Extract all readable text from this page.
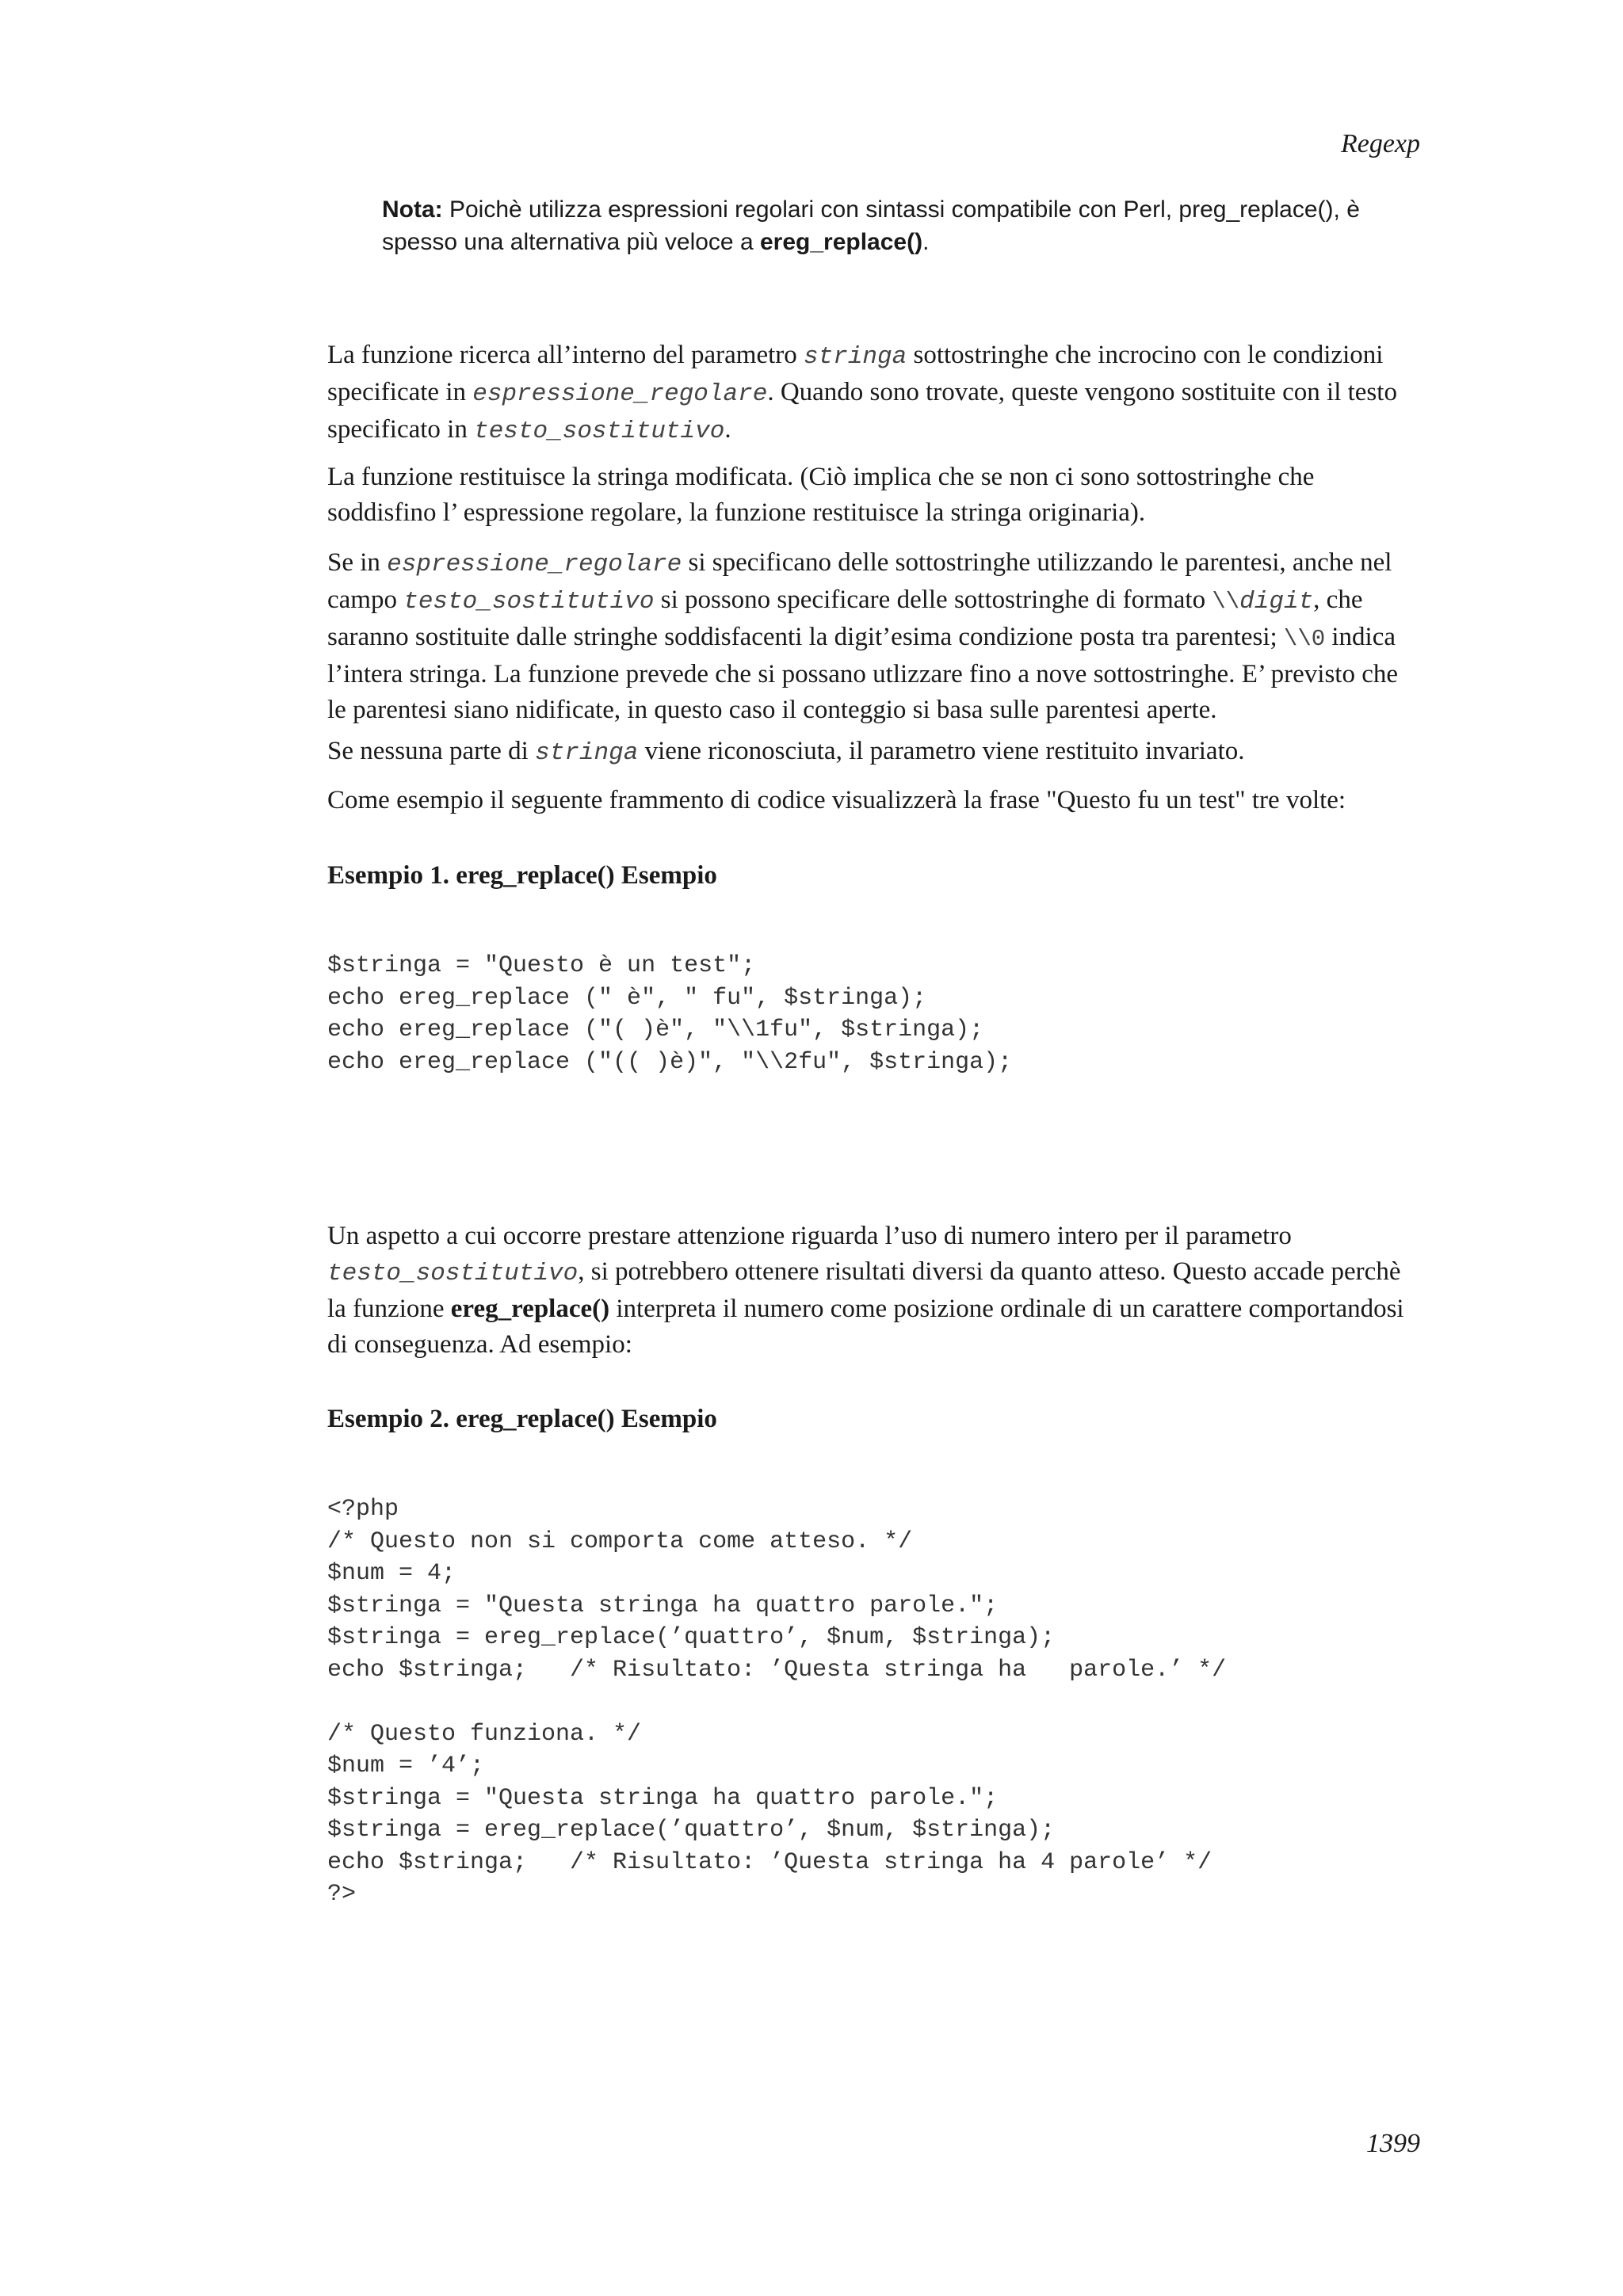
Regexp
Nota: Poichè utilizza espressioni regolari con sintassi compatibile con Perl, preg_replace(), è spesso una alternativa più veloce a ereg_replace().

La funzione ricerca all’interno del parametro stringa sottostringhe che incrocino con le condizioni specificate in espressione_regolare. Quando sono trovate, queste vengono sostituite con il testo specificato in testo_sostitutivo.

La funzione restituisce la stringa modificata. (Ciò implica che se non ci sono sottostringhe che soddisfino l’ espressione regolare, la funzione restituisce la stringa originaria).

Se in espressione_regolare si specificano delle sottostringhe utilizzando le parentesi, anche nel campo testo_sostitutivo si possono specificare delle sottostringhe di formato \\digit, che saranno sostituite dalle stringhe soddisfacenti la digit’esima condizione posta tra parentesi; \\0 indica l’intera stringa. La funzione prevede che si possano utlizzare fino a nove sottostringhe. E’ previsto che le parentesi siano nidificate, in questo caso il conteggio si basa sulle parentesi aperte.

Se nessuna parte di stringa viene riconosciuta, il parametro viene restituito invariato.

Come esempio il seguente frammento di codice visualizzerà la frase "Questo fu un test" tre volte:

Esempio 1. ereg_replace() Esempio
$stringa = "Questo è un test";
echo ereg_replace (" è", " fu", $stringa);
echo ereg_replace ("( )è", "\\1fu", $stringa);
echo ereg_replace ("(( )è)", "\\2fu", $stringa);

Un aspetto a cui occorre prestare attenzione riguarda l’uso di numero intero per il parametro testo_sostitutivo, si potrebbero ottenere risultati diversi da quanto atteso. Questo accade perchè la funzione ereg_replace() interpreta il numero come posizione ordinale di un carattere comportandosi di conseguenza. Ad esempio:

Esempio 2. ereg_replace() Esempio
<?php
/* Questo non si comporta come atteso. */
$num = 4;
$stringa = "Questa stringa ha quattro parole.";
$stringa = ereg_replace(’quattro’, $num, $stringa);
echo $stringa;   /* Risultato: ’Questa stringa ha   parole.’ */

/* Questo funziona. */
$num = ’4’;
$stringa = "Questa stringa ha quattro parole.";
$stringa = ereg_replace(’quattro’, $num, $stringa);
echo $stringa;   /* Risultato: ’Questa stringa ha 4 parole’ */
?>
1399
